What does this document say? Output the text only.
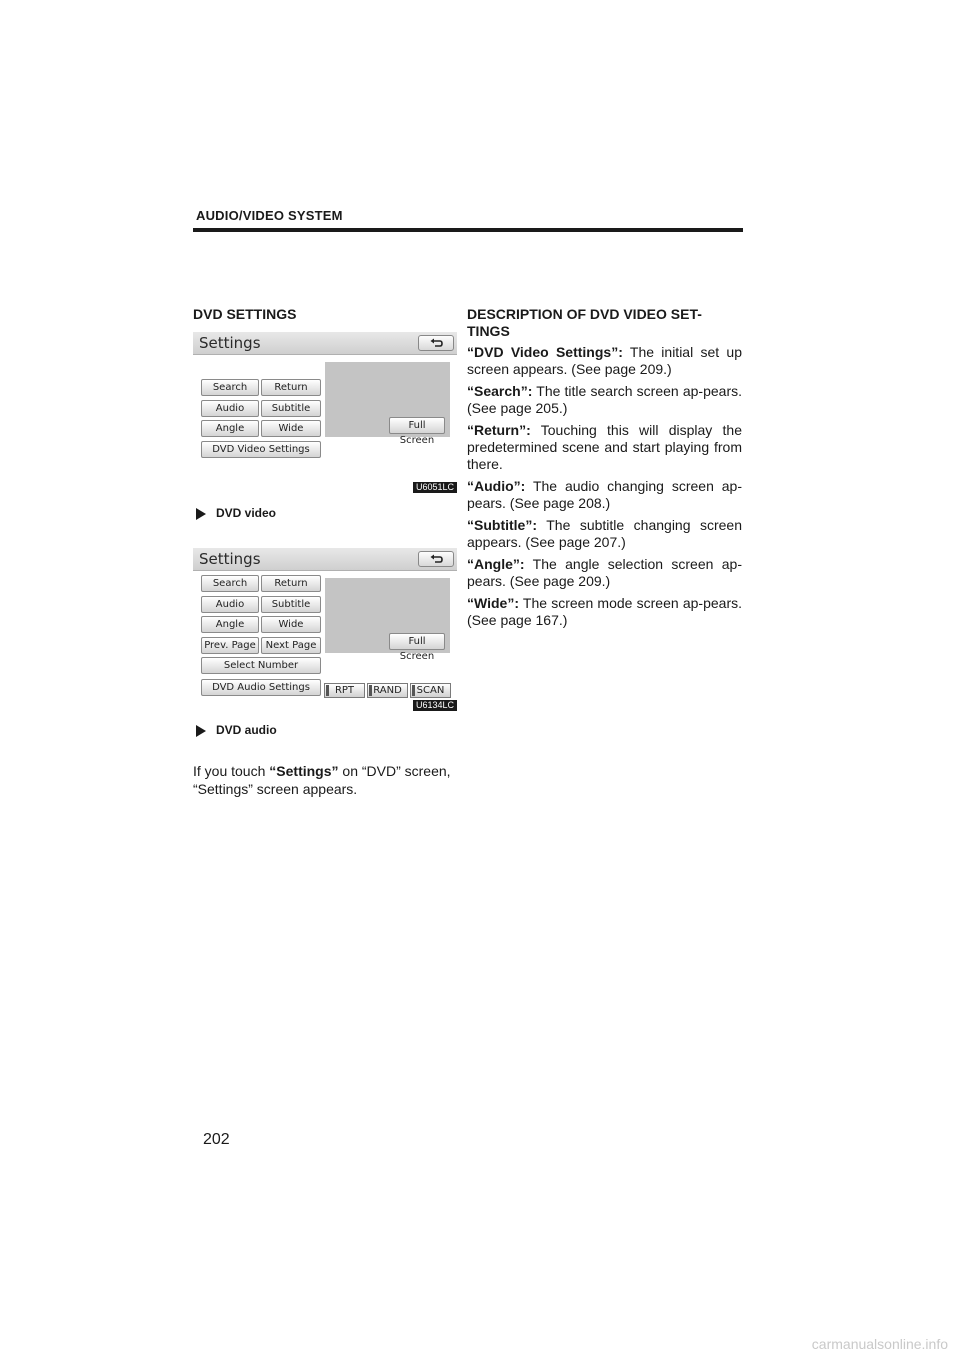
AUDIO/VIDEO SYSTEM
DVD SETTINGS
Settings
Search	Return
Audio	Subtitle
Angle	Wide
DVD Video Settings
Full Screen
U6051LC
DVD video
Settings
Search	Return
Audio	Subtitle
Angle	Wide
Prev. Page Next Page
Select Number
DVD Audio Settings
Full Screen
RPT	RAND	SCAN
U6134LC
DVD audio
If you touch “Settings” on “DVD” screen, “Settings” screen appears.
DESCRIPTION OF DVD VIDEO SET-TINGS

“DVD Video Settings”: The initial set up screen appears. (See page 209.)

“Search”: The title search screen ap-pears. (See page 205.)

“Return”: Touching this will display the predetermined scene and start playing from there.

“Audio”: The audio changing screen ap-pears. (See page 208.)

“Subtitle”: The subtitle changing screen appears. (See page 207.)

“Angle”: The angle selection screen ap-pears. (See page 209.)

“Wide”: The screen mode screen ap-pears. (See page 167.)

202
carmanualsonline.info
